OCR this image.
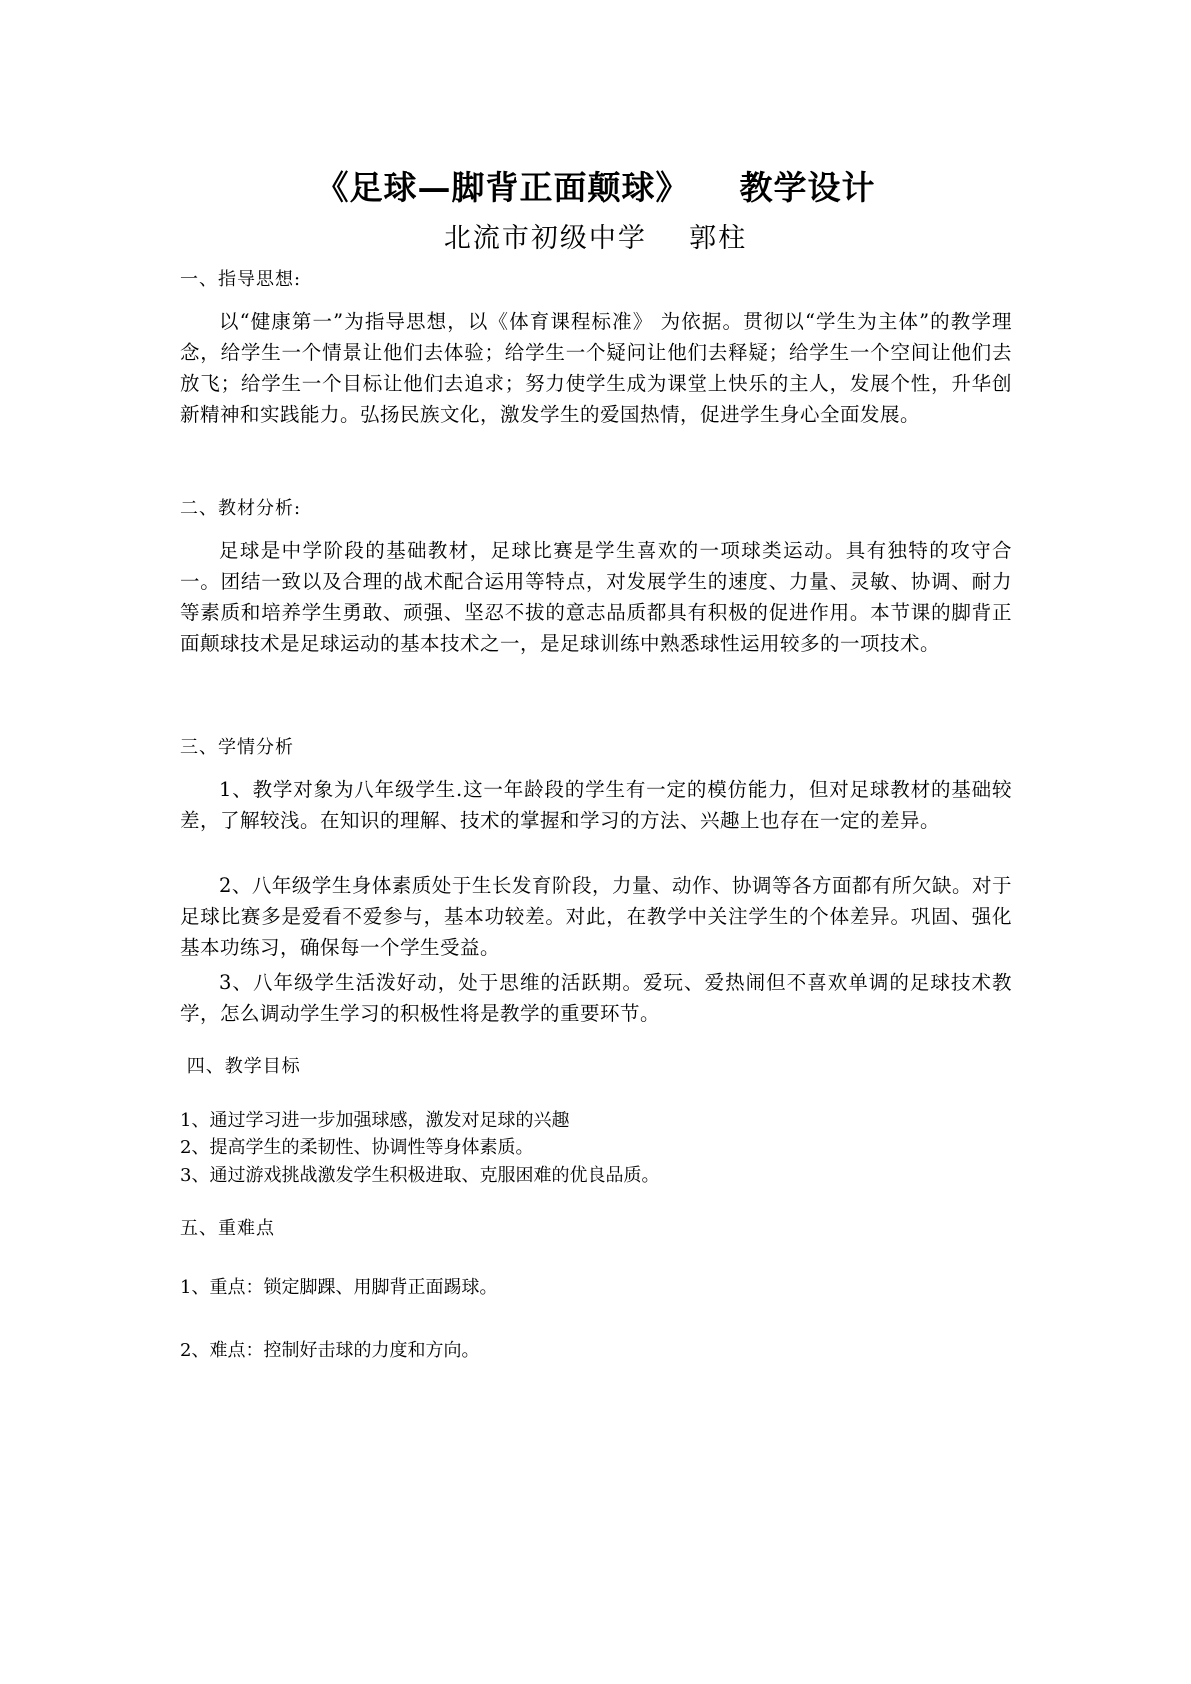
《足球—脚背正面颠球》    教学设计
北流市初级中学    郭柱
一、指导思想:
以“健康第一”为指导思想，以《体育课程标准》 为依据。贯彻以“学生为主体”的教学理念，给学生一个情景让他们去体验；给学生一个疑问让他们去释疑；给学生一个空间让他们去放飞；给学生一个目标让他们去追求；努力使学生成为课堂上快乐的主人，发展个性，升华创新精神和实践能力。弘扬民族文化，激发学生的爱国热情，促进学生身心全面发展。
二、教材分析:
足球是中学阶段的基础教材，足球比赛是学生喜欢的一项球类运动。具有独特的攻守合一。团结一致以及合理的战术配合运用等特点，对发展学生的速度、力量、灵敏、协调、耐力等素质和培养学生勇敢、顽强、坚忍不拔的意志品质都具有积极的促进作用。本节课的脚背正面颠球技术是足球运动的基本技术之一，是足球训练中熟悉球性运用较多的一项技术。
三、学情分析
1、教学对象为八年级学生.这一年龄段的学生有一定的模仿能力，但对足球教材的基础较差，了解较浅。在知识的理解、技术的掌握和学习的方法、兴趣上也存在一定的差异。
2、八年级学生身体素质处于生长发育阶段，力量、动作、协调等各方面都有所欠缺。对于足球比赛多是爱看不爱参与，基本功较差。对此，在教学中关注学生的个体差异。巩固、强化基本功练习，确保每一个学生受益。
3、八年级学生活泼好动，处于思维的活跃期。爱玩、爱热闹但不喜欢单调的足球技术教学，怎么调动学生学习的积极性将是教学的重要环节。
四、教学目标
1、通过学习进一步加强球感，激发对足球的兴趣
2、提高学生的柔韧性、协调性等身体素质。
3、通过游戏挑战激发学生积极进取、克服困难的优良品质。
五、重难点
1、重点：锁定脚踝、用脚背正面踢球。
2、难点：控制好击球的力度和方向。
